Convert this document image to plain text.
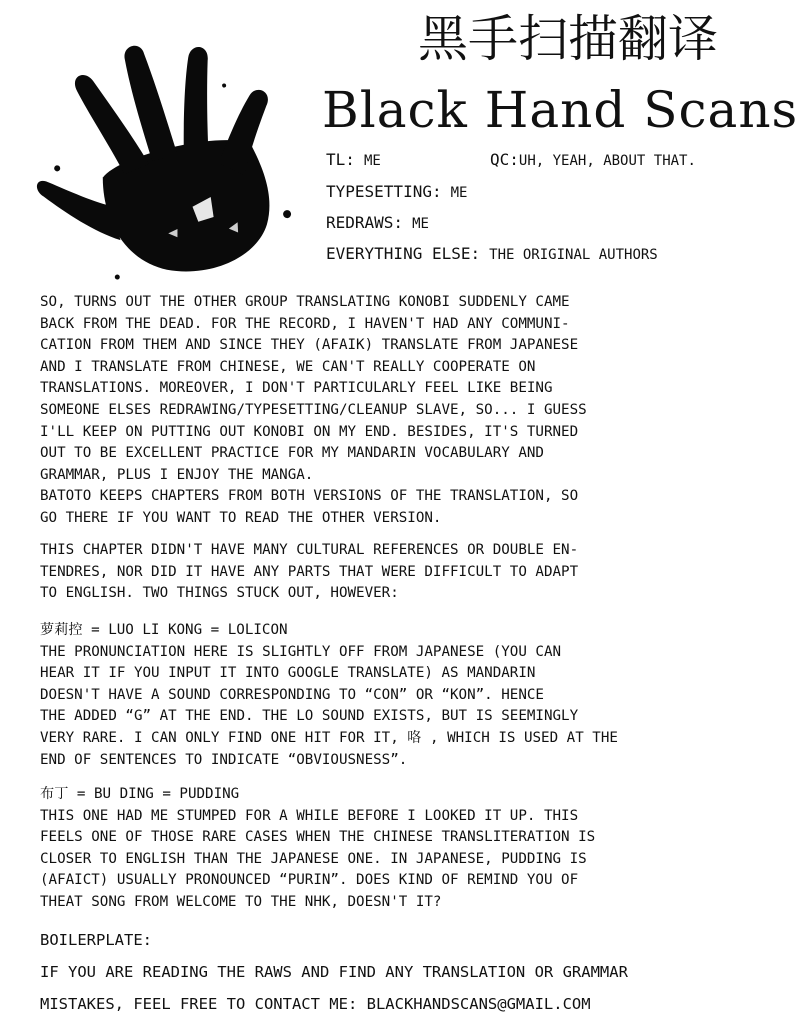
黑手扫描翻译
Black Hand Scans
TL: ME	QC:UH, YEAH, ABOUT THAT.
TYPESETTING: ME
REDRAWS: ME
EVERYTHING ELSE: THE ORIGINAL AUTHORS
SO, TURNS OUT THE OTHER GROUP TRANSLATING KONOBI SUDDENLY CAME
BACK FROM THE DEAD. FOR THE RECORD, I HAVEN'T HAD ANY COMMUNI-
CATION FROM THEM AND SINCE THEY (AFAIK) TRANSLATE FROM JAPANESE
AND I TRANSLATE FROM CHINESE, WE CAN'T REALLY COOPERATE ON
TRANSLATIONS. MOREOVER, I DON'T PARTICULARLY FEEL LIKE BEING
SOMEONE ELSES REDRAWING/TYPESETTING/CLEANUP SLAVE, SO... I GUESS
I'LL KEEP ON PUTTING OUT KONOBI ON MY END. BESIDES, IT'S TURNED
OUT TO BE EXCELLENT PRACTICE FOR MY MANDARIN VOCABULARY AND
GRAMMAR, PLUS I ENJOY THE MANGA.
BATOTO KEEPS CHAPTERS FROM BOTH VERSIONS OF THE TRANSLATION, SO
GO THERE IF YOU WANT TO READ THE OTHER VERSION.
THIS CHAPTER DIDN'T HAVE MANY CULTURAL REFERENCES OR DOUBLE EN-
TENDRES, NOR DID IT HAVE ANY PARTS THAT WERE DIFFICULT TO ADAPT
TO ENGLISH. TWO THINGS STUCK OUT, HOWEVER:
萝莉控 = LUO LI KONG = LOLICON
THE PRONUNCIATION HERE IS SLIGHTLY OFF FROM JAPANESE (YOU CAN
HEAR IT IF YOU INPUT IT INTO GOOGLE TRANSLATE) AS MANDARIN
DOESN'T HAVE A SOUND CORRESPONDING TO “CON” OR “KON”. HENCE
THE ADDED “G” AT THE END. THE LO SOUND EXISTS, BUT IS SEEMINGLY
VERY RARE. I CAN ONLY FIND ONE HIT FOR IT, 咯 , WHICH IS USED AT THE
END OF SENTENCES TO INDICATE “OBVIOUSNESS”.
布丁 = BU DING = PUDDING
THIS ONE HAD ME STUMPED FOR A WHILE BEFORE I LOOKED IT UP. THIS
FEELS ONE OF THOSE RARE CASES WHEN THE CHINESE TRANSLITERATION IS
CLOSER TO ENGLISH THAN THE JAPANESE ONE. IN JAPANESE, PUDDING IS
(AFAICT) USUALLY PRONOUNCED “PURIN”. DOES KIND OF REMIND YOU OF
THEAT SONG FROM WELCOME TO THE NHK, DOESN'T IT?
BOILERPLATE:
IF YOU ARE READING THE RAWS AND FIND ANY TRANSLATION OR GRAMMAR
MISTAKES, FEEL FREE TO CONTACT ME: BLACKHANDSCANS@GMAIL.COM
